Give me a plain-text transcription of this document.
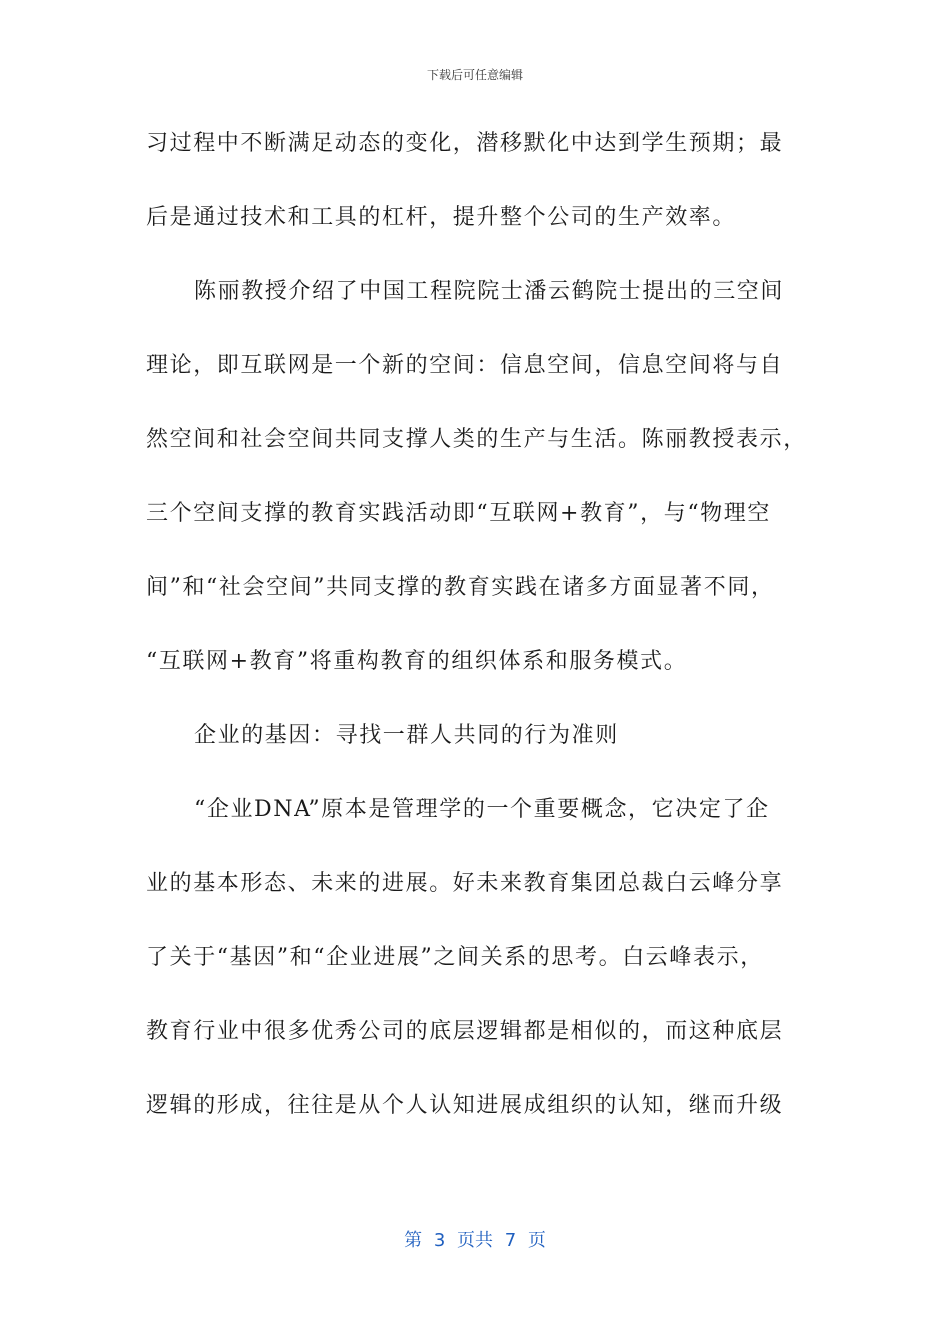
下载后可任意编辑
习过程中不断满足动态的变化，潜移默化中达到学生预期；最
后是通过技术和工具的杠杆，提升整个公司的生产效率。
陈丽教授介绍了中国工程院院士潘云鹤院士提出的三空间
理论，即互联网是一个新的空间：信息空间，信息空间将与自
然空间和社会空间共同支撑人类的生产与生活。陈丽教授表示，
三个空间支撑的教育实践活动即“互联网+教育”，与“物理空
间”和“社会空间”共同支撑的教育实践在诸多方面显著不同，
“互联网+教育”将重构教育的组织体系和服务模式。
企业的基因：寻找一群人共同的行为准则
“企业DNA”原本是管理学的一个重要概念，它决定了企
业的基本形态、未来的进展。好未来教育集团总裁白云峰分享
了关于“基因”和“企业进展”之间关系的思考。白云峰表示，
教育行业中很多优秀公司的底层逻辑都是相似的，而这种底层
逻辑的形成，往往是从个人认知进展成组织的认知，继而升级
第 3 页共 7 页
